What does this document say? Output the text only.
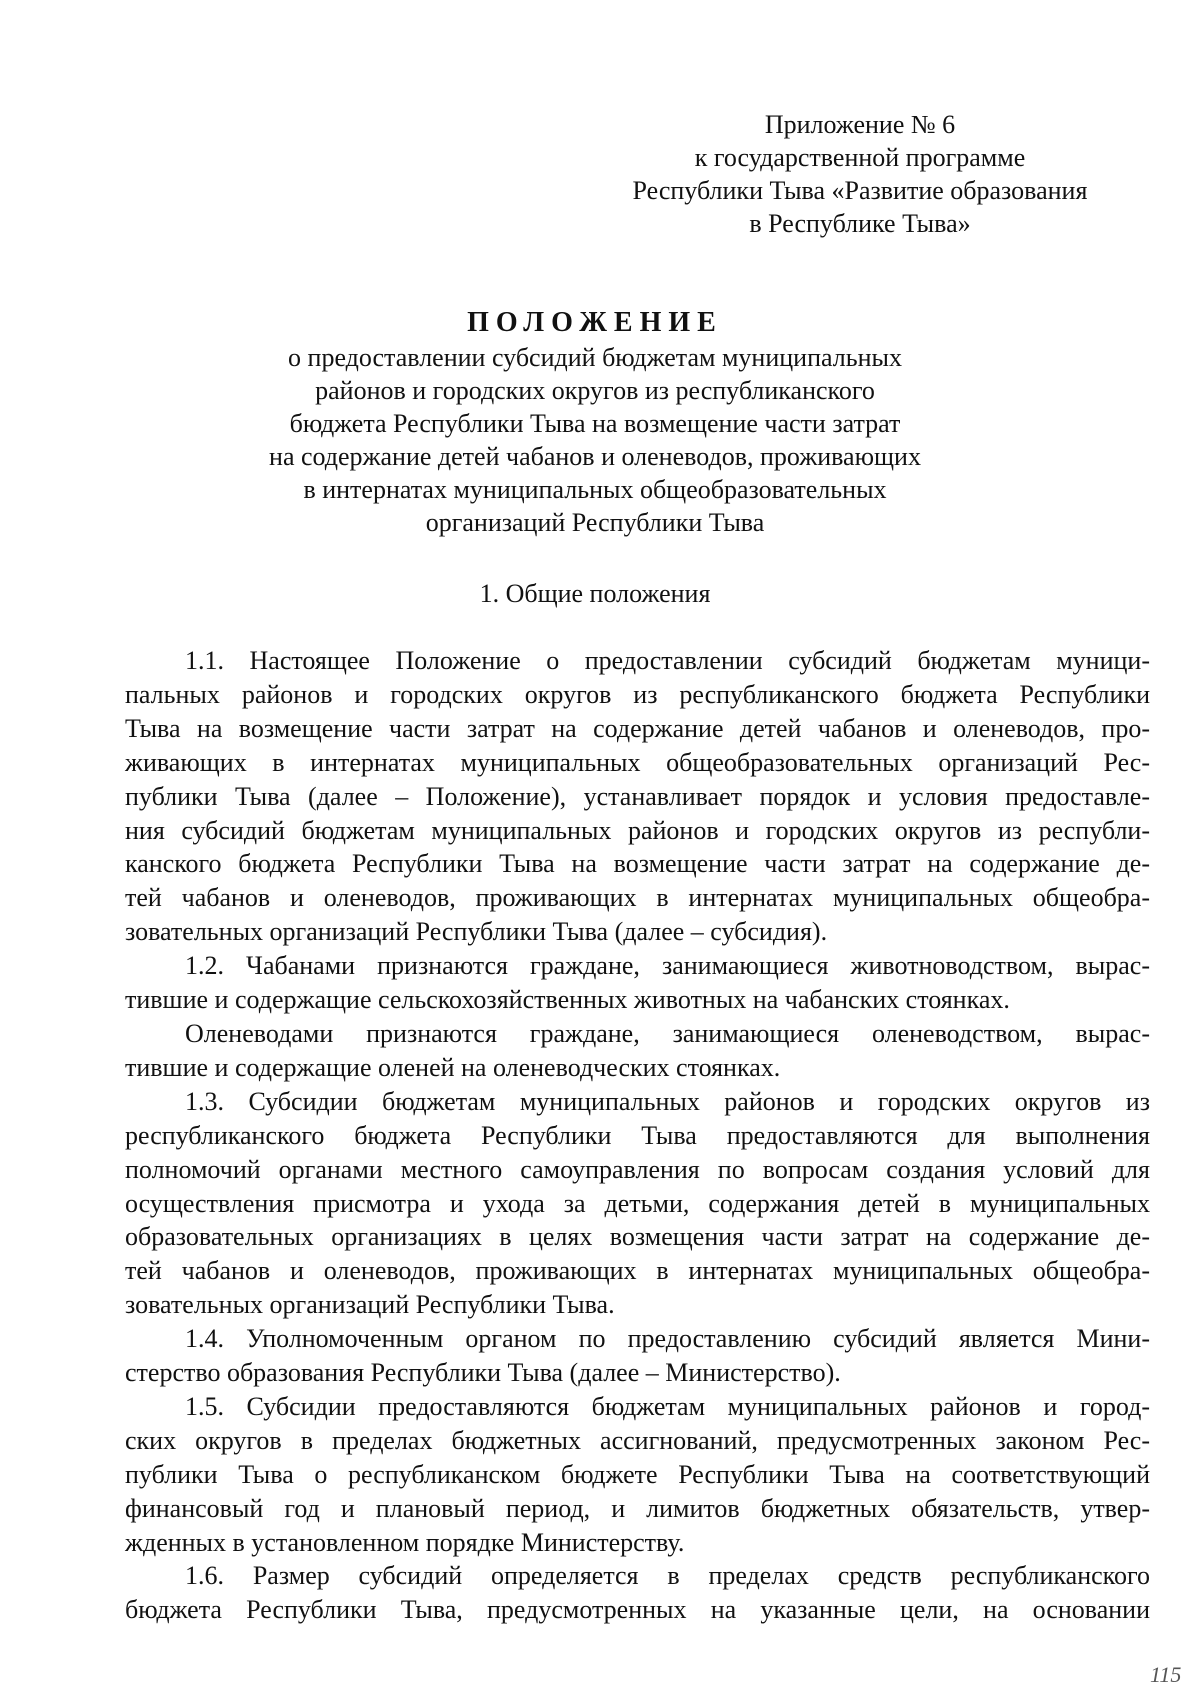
Приложение № 6
к государственной программе
Республики Тыва «Развитие образования
в Республике Тыва»
ПОЛОЖЕНИЕ
о предоставлении субсидий бюджетам муниципальных
районов и городских округов из республиканского
бюджета Республики Тыва на возмещение части затрат
на содержание детей чабанов и оленеводов, проживающих
в интернатах муниципальных общеобразовательных
организаций Республики Тыва
1. Общие положения
1.1. Настоящее Положение о предоставлении субсидий бюджетам муници-
пальных районов и городских округов из республиканского бюджета Республики
Тыва на возмещение части затрат на содержание детей чабанов и оленеводов, про-
живающих в интернатах муниципальных общеобразовательных организаций Рес-
публики Тыва (далее – Положение), устанавливает порядок и условия предоставле-
ния субсидий бюджетам муниципальных районов и городских округов из республи-
канского бюджета Республики Тыва на возмещение части затрат на содержание де-
тей чабанов и оленеводов, проживающих в интернатах муниципальных общеобра-
зовательных организаций Республики Тыва (далее – субсидия).
1.2. Чабанами признаются граждане, занимающиеся животноводством, вырас-
тившие и содержащие сельскохозяйственных животных на чабанских стоянках.
Оленеводами признаются граждане, занимающиеся оленеводством, вырас-
тившие и содержащие оленей на оленеводческих стоянках.
1.3. Субсидии бюджетам муниципальных районов и городских округов из
республиканского бюджета Республики Тыва предоставляются для выполнения
полномочий органами местного самоуправления по вопросам создания условий для
осуществления присмотра и ухода за детьми, содержания детей в муниципальных
образовательных организациях в целях возмещения части затрат на содержание де-
тей чабанов и оленеводов, проживающих в интернатах муниципальных общеобра-
зовательных организаций Республики Тыва.
1.4. Уполномоченным органом по предоставлению субсидий является Мини-
стерство образования Республики Тыва (далее – Министерство).
1.5. Субсидии предоставляются бюджетам муниципальных районов и город-
ских округов в пределах бюджетных ассигнований, предусмотренных законом Рес-
публики Тыва о республиканском бюджете Республики Тыва на соответствующий
финансовый год и плановый период, и лимитов бюджетных обязательств, утвер-
жденных в установленном порядке Министерству.
1.6. Размер субсидий определяется в пределах средств республиканского
бюджета Республики Тыва, предусмотренных на указанные цели, на основании
115
